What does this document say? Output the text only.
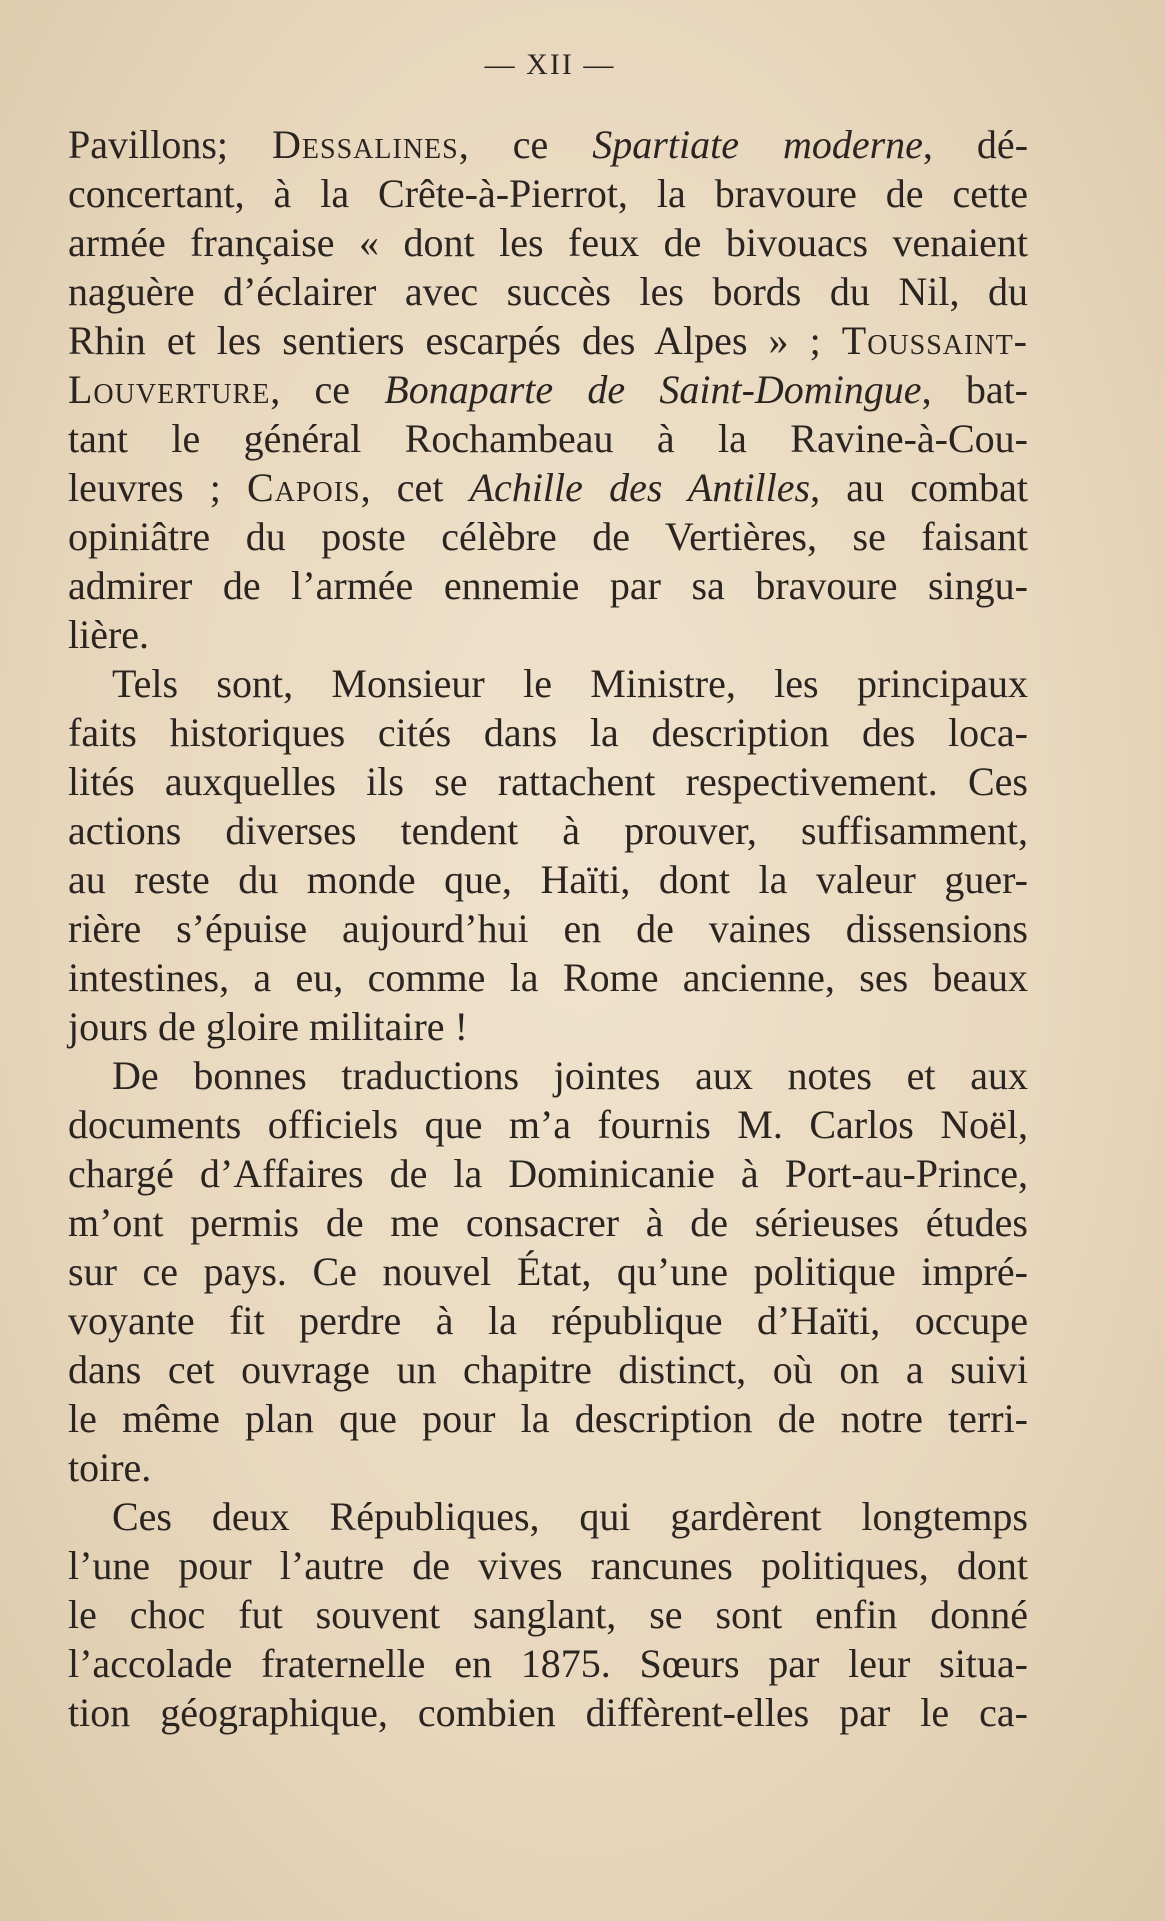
— XII —
Pavillons; Dessalines, ce Spartiate moderne, dé-
concertant, à la Crête-à-Pierrot, la bravoure de cette
armée française « dont les feux de bivouacs venaient
naguère d’éclairer avec succès les bords du Nil, du
Rhin et les sentiers escarpés des Alpes » ; Toussaint-
Louverture, ce Bonaparte de Saint-Domingue, bat-
tant le général Rochambeau à la Ravine-à-Cou-
leuvres ; Capois, cet Achille des Antilles, au combat
opiniâtre du poste célèbre de Vertières, se faisant
admirer de l’armée ennemie par sa bravoure singu-
lière.
Tels sont, Monsieur le Ministre, les principaux
faits historiques cités dans la description des loca-
lités auxquelles ils se rattachent respectivement. Ces
actions diverses tendent à prouver, suffisamment,
au reste du monde que, Haïti, dont la valeur guer-
rière s’épuise aujourd’hui en de vaines dissensions
intestines, a eu, comme la Rome ancienne, ses beaux
jours de gloire militaire !
De bonnes traductions jointes aux notes et aux
documents officiels que m’a fournis M. Carlos Noël,
chargé d’Affaires de la Dominicanie à Port-au-Prince,
m’ont permis de me consacrer à de sérieuses études
sur ce pays. Ce nouvel État, qu’une politique impré-
voyante fit perdre à la république d’Haïti, occupe
dans cet ouvrage un chapitre distinct, où on a suivi
le même plan que pour la description de notre terri-
toire.
Ces deux Républiques, qui gardèrent longtemps
l’une pour l’autre de vives rancunes politiques, dont
le choc fut souvent sanglant, se sont enfin donné
l’accolade fraternelle en 1875. Sœurs par leur situa-
tion géographique, combien diffèrent-elles par le ca-
